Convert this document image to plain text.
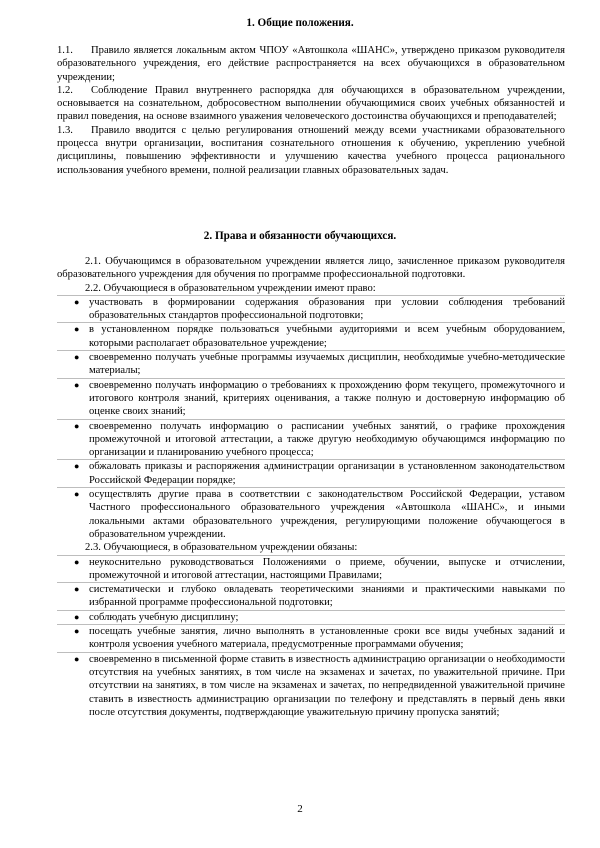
1. Общие положения.

1.1. Правило является локальным актом ЧПОУ «Автошкола «ШАНС», утверждено приказом руководителя образовательного учреждения, его действие распространяется на всех обучающихся в образовательном учреждении;

1.2. Соблюдение Правил внутреннего распорядка для обучающихся в образовательном учреждении, основывается на сознательном, добросовестном выполнении обучающимися своих учебных обязанностей и правил поведения, на основе взаимного уважения человеческого достоинства обучающихся и преподавателей;

1.3. Правило вводится с целью регулирования отношений между всеми участниками образовательного процесса внутри организации, воспитания сознательного отношения к обучению, укреплению учебной дисциплины, повышению эффективности и улучшению качества учебного процесса рационального использования учебного времени, полной реализации главных образовательных задач.

2. Права и обязанности обучающихся.

2.1. Обучающимся в образовательном учреждении является лицо, зачисленное приказом руководителя образовательного учреждения для обучения по программе профессиональной подготовки.

2.2. Обучающиеся в образовательном учреждении имеют право:

● участвовать в формировании содержания образования при условии соблюдения требований образовательных стандартов профессиональной подготовки;
● в установленном порядке пользоваться учебными аудиториями и всем учебным оборудованием, которыми располагает образовательное учреждение;
● своевременно получать учебные программы изучаемых дисциплин, необходимые учебно-методические материалы;
● своевременно получать информацию о требованиях к прохождению форм текущего, промежуточного и итогового контроля знаний, критериях оценивания, а также полную и достоверную информацию об оценке своих знаний;
● своевременно получать информацию о расписании учебных занятий, о графике прохождения промежуточной и итоговой аттестации, а также другую необходимую обучающимся информацию по организации и планированию учебного процесса;
● обжаловать приказы и распоряжения администрации организации в установленном законодательством Российской Федерации порядке;
● осуществлять другие права в соответствии с законодательством Российской Федерации, уставом Частного профессионального образовательного учреждения «Автошкола «ШАНС», и иными локальными актами образовательного учреждения, регулирующими положение обучающегося в образовательном учреждении.

2.3. Обучающиеся, в образовательном учреждении обязаны:

● неукоснительно руководствоваться Положениями о приеме, обучении, выпуске и отчислении, промежуточной и итоговой аттестации, настоящими Правилами;
● систематически и глубоко овладевать теоретическими знаниями и практическими навыками по избранной программе профессиональной подготовки;
● соблюдать учебную дисциплину;
● посещать учебные занятия, лично выполнять в установленные сроки все виды учебных заданий и контроля усвоения учебного материала, предусмотренные программами обучения;
● своевременно в письменной форме ставить в известность администрацию организации о необходимости отсутствия на учебных занятиях, в том числе на экзаменах и зачетах, по уважительной причине. При отсутствии на занятиях, в том числе на экзаменах и зачетах, по непредвиденной уважительной причине ставить в известность администрацию организации по телефону и представлять в первый день явки после отсутствия документы, подтверждающие уважительную причину пропуска занятий;
2
